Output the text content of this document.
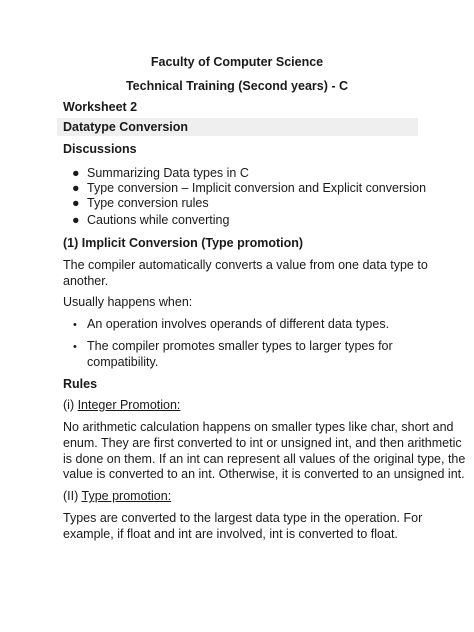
Faculty of Computer Science
Technical Training (Second years) - C
Worksheet 2
Datatype Conversion
Discussions
● Summarizing Data types in C
● Type conversion – Implicit conversion and Explicit conversion
● Type conversion rules
● Cautions while converting
(1) Implicit Conversion (Type promotion)
The compiler automatically converts a value from one data type to
another.
Usually happens when:
• An operation involves operands of different data types.
• The compiler promotes smaller types to larger types for
compatibility.
Rules
(i) Integer Promotion:
No arithmetic calculation happens on smaller types like char, short and
enum. They are first converted to int or unsigned int, and then arithmetic
is done on them. If an int can represent all values of the original type, the
value is converted to an int. Otherwise, it is converted to an unsigned int.
(II) Type promotion:
Types are converted to the largest data type in the operation. For
example, if float and int are involved, int is converted to float.
